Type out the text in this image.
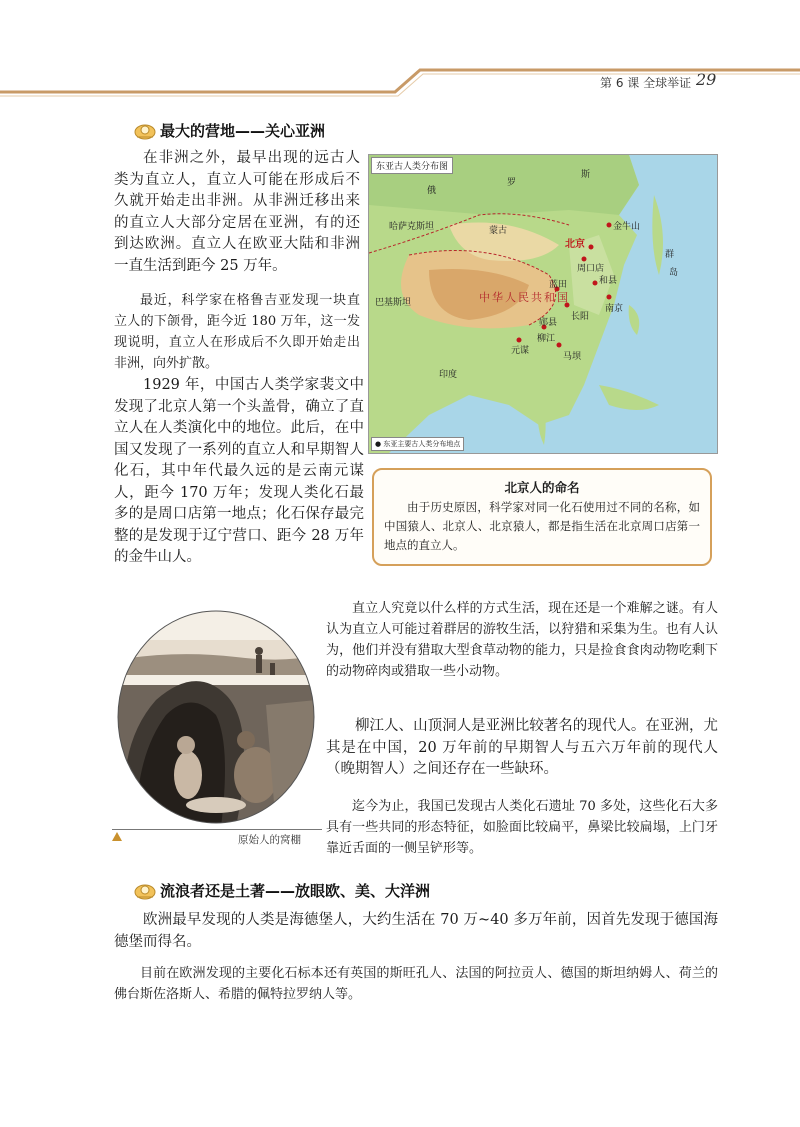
第 6 课 全球举证 29
最大的营地——关心亚洲

在非洲之外，最早出现的远古人类为直立人，直立人可能在形成后不久就开始走出非洲。从非洲迁移出来的直立人大部分定居在亚洲，有的还到达欧洲。直立人在欧亚大陆和非洲一直生活到距今 25 万年。

最近，科学家在格鲁吉亚发现一块直立人的下颌骨，距今近 180 万年，这一发现说明，直立人在形成后不久即开始走出非洲，向外扩散。

1929 年，中国古人类学家裴文中发现了北京人第一个头盖骨，确立了直立人在人类演化中的地位。此后，在中国又发现了一系列的直立人和早期智人化石，其中年代最久远的是云南元谋人，距今 170 万年；发现人类化石最多的是周口店第一地点；化石保存最完整的是发现于辽宁营口、距今 28 万年的金牛山人。

东亚古人类分布图
俄
罗
斯
哈萨克斯坦	蒙古
中华人民共和国
北京
金牛山
周口店
和县
南京
蓝田
长阳
元谋
柳江
郧县
马坝
印度
巴基斯坦
群
岛
● 东亚主要古人类分布地点
北京人的命名

由于历史原因，科学家对同一化石使用过不同的名称，如中国猿人、北京人、北京猿人，都是指生活在北京周口店第一地点的直立人。

原始人的窝棚

直立人究竟以什么样的方式生活，现在还是一个难解之谜。有人认为直立人可能过着群居的游牧生活，以狩猎和采集为生。也有人认为，他们并没有猎取大型食草动物的能力，只是捡食食肉动物吃剩下的动物碎肉或猎取一些小动物。

柳江人、山顶洞人是亚洲比较著名的现代人。在亚洲，尤其是在中国，20 万年前的早期智人与五六万年前的现代人（晚期智人）之间还存在一些缺环。

迄今为止，我国已发现古人类化石遗址 70 多处，这些化石大多具有一些共同的形态特征，如脸面比较扁平，鼻梁比较扁塌，上门牙靠近舌面的一侧呈铲形等。

流浪者还是土著——放眼欧、美、大洋洲

欧洲最早发现的人类是海德堡人，大约生活在 70 万~40 多万年前，因首先发现于德国海德堡而得名。

目前在欧洲发现的主要化石标本还有英国的斯旺孔人、法国的阿拉贡人、德国的斯坦纳姆人、荷兰的佛台斯佐洛斯人、希腊的佩特拉罗纳人等。
